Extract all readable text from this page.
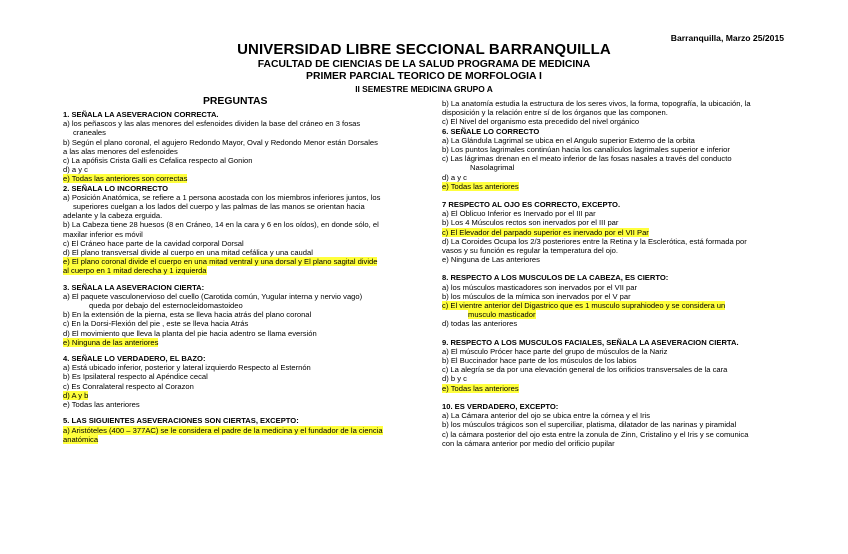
Barranquilla, Marzo 25/2015
UNIVERSIDAD LIBRE SECCIONAL BARRANQUILLA
FACULTAD DE CIENCIAS DE LA SALUD PROGRAMA DE MEDICINA
PRIMER PARCIAL TEORICO DE MORFOLOGIA I
II SEMESTRE MEDICINA GRUPO A
PREGUNTAS

1. SEÑALA LA ASEVERACION CORRECTA.

a) los peñascos y las alas menores del esfenoides dividen la base del cráneo en 3 fosas

craneales

b) Según el plano coronal, el agujero Redondo Mayor, Oval y Redondo Menor están Dorsales

a las alas menores del esfenoides

c) La apófisis Crista Galli es Cefalica respecto al Gonion

d) a y c

e) Todas las anteriores son correctas

2. SEÑALA LO INCORRECTO

a) Posición Anatómica, se refiere a 1 persona acostada con los miembros inferiores juntos, los

superiores cuelgan a los lados del cuerpo y las palmas de las manos se orientan hacia

adelante y la cabeza erguida.

b) La Cabeza tiene 28 huesos (8 en Cráneo, 14 en la cara y 6 en los oídos), en donde sólo, el

maxilar inferior es móvil

c) El Cráneo hace parte de la cavidad corporal Dorsal

d) El plano transversal divide al cuerpo en una mitad cefálica y una caudal

e) El plano coronal divide el cuerpo en una mitad ventral y una dorsal y El plano sagital divide

al cuerpo en 1 mitad derecha y 1 izquierda

3. SEÑALA LA ASEVERACION CIERTA:

a) El paquete vasculonervioso del cuello (Carotida común, Yugular interna y nervio vago)

queda por debajo del esternocleidomastoideo

b) En la extensión de la pierna, esta se lleva hacia atrás del plano coronal

c) En la Dorsi-Flexión del pie , este se lleva hacia Atrás

d) El movimiento que lleva la planta del pie hacia adentro se llama eversión

e) Ninguna de las anteriores

4. SEÑALE LO VERDADERO, EL BAZO:

a) Está ubicado inferior, posterior y lateral izquierdo Respecto al Esternón

b) Es Ipsilateral respecto al Apéndice cecal

c) Es Conralateral respecto al Corazon

d) A y b

e) Todas las anteriores

5. LAS SIGUIENTES ASEVERACIONES SON CIERTAS, EXCEPTO:

a) Aristóteles (400 – 377AC) se le considera el padre de la medicina y el fundador de la ciencia

anatómica

b) La anatomía estudia la estructura de los seres vivos, la forma, topografía, la ubicación, la

disposición y la relación entre sí de los órganos que las componen.

c) El Nivel del organismo esta precedido del nivel orgánico

6. SEÑALE LO CORRECTO

a) La Glándula Lagrimal se ubica en el Angulo superior Externo de la orbita

b) Los puntos lagrimales continúan hacia los canalículos lagrimales superior e inferior

c) Las lágrimas drenan en el meato inferior de las fosas nasales a través del conducto

Nasolagrimal

d) a y c

e) Todas las anteriores

7 RESPECTO AL OJO ES CORRECTO, EXCEPTO.

a) El Oblicuo Inferior es Inervado por el III par

b) Los 4 Músculos rectos son inervados por el III par

c) El Elevador del parpado superior es inervado por el VII Par

d) La Coroides Ocupa los 2/3 posteriores entre la Retina y la Esclerótica, está formada por

vasos y su función es regular la temperatura del ojo.

e) Ninguna de Las anteriores

8. RESPECTO A LOS MUSCULOS DE LA CABEZA, ES CIERTO:

a) los músculos masticadores son inervados por el VII par

b) los músculos de la mímica son inervados por el V par

c) El vientre anterior del Digastrico que es 1 musculo suprahiodeo y se considera un

musculo masticador

d) todas las anteriores

9. RESPECTO A LOS MUSCULOS FACIALES, SEÑALA LA ASEVERACION CIERTA.

a) El músculo Prócer hace parte del grupo de músculos de la Nariz

b) El Buccinador hace parte de los músculos de los labios

c) La alegría se da por una elevación general de los orificios transversales de la cara

d) b y c

e) Todas las anteriores

10. ES VERDADERO, EXCEPTO:

a) La Cámara anterior del ojo se ubica entre la córnea y el Iris

b) los músculos trágicos son el superciliar, platisma, dilatador de las narinas y piramidal

c) la cámara posterior del ojo esta entre la zonula de Zinn, Cristalino y el Iris y se comunica

con la cámara anterior por medio del orificio pupilar
